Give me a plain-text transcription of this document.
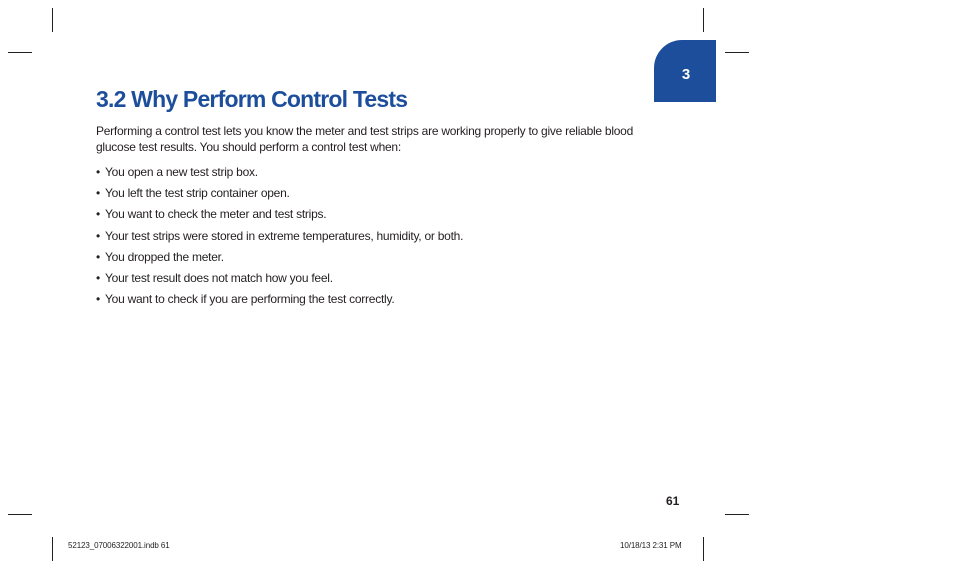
3
3.2 Why Perform Control Tests

Performing a control test lets you know the meter and test strips are working properly to give reliable blood glucose test results. You should perform a control test when:

• You open a new test strip box.
• You left the test strip container open.
• You want to check the meter and test strips.
• Your test strips were stored in extreme temperatures, humidity, or both.
• You dropped the meter.
• Your test result does not match how you feel.
• You want to check if you are performing the test correctly.
61
52123_07006322001.indb 61	10/18/13 2:31 PM
